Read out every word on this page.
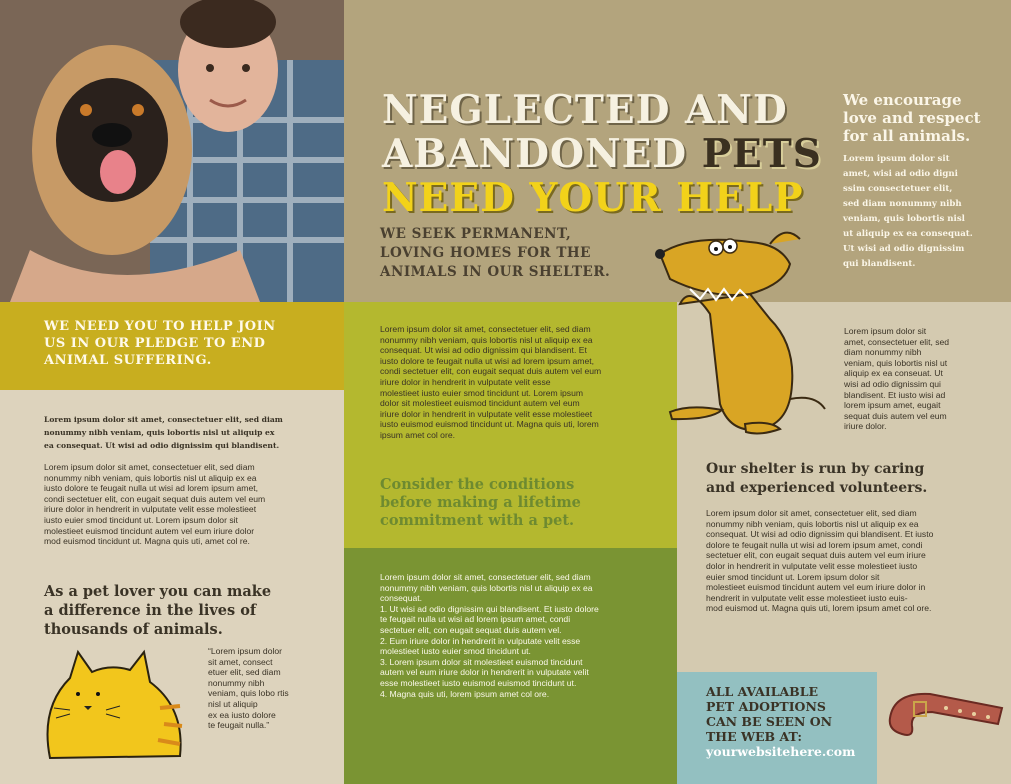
NEGLECTED AND
ABANDONED PETS
NEED YOUR HELP
WE SEEK PERMANENT,
LOVING HOMES FOR THE
ANIMALS IN OUR SHELTER.
We encourage
love and respect
for all animals.
Lorem ipsum dolor sit
amet, wisi ad odio digni
ssim consectetuer elit,
sed diam nonummy nibh
veniam, quis lobortis nisl
ut aliquip ex ea consequat.
Ut wisi ad odio dignissim
qui blandisent.
WE NEED YOU TO HELP JOIN
US IN OUR PLEDGE TO END
ANIMAL SUFFERING.
Lorem ipsum dolor sit amet, consectetuer elit, sed diam
nonummy nibh veniam, quis lobortis nisl ut aliquip ex
ea consequat. Ut wisi ad odio dignissim qui blandisent.
Lorem ipsum dolor sit amet, consectetuer elit, sed diam
nonummy nibh veniam, quis lobortis nisl ut aliquip ex ea
iusto dolore te feugait nulla ut wisi ad lorem ipsum amet,
condi sectetuer elit, con eugait sequat duis autem vel eum
iriure dolor in hendrerit in vulputate velit esse molestieet
iusto euier smod tincidunt ut. Lorem ipsum dolor sit
molestieet euismod tincidunt autem vel eum iriure dolor
mod euismod tincidunt ut. Magna quis uti, amet col re.
As a pet lover you can make
a difference in the lives of
thousands of animals.
“Lorem ipsum dolor
sit amet, consect
etuer elit, sed diam
nonummy nibh
veniam, quis lobo rtis
nisl ut aliquip
ex ea iusto dolore
te feugait nulla.”
Lorem ipsum dolor sit amet, consectetuer elit, sed diam
nonummy nibh veniam, quis lobortis nisl ut aliquip ex ea
consequat. Ut wisi ad odio dignissim qui blandisent. Et
iusto dolore te feugait nulla ut wisi ad lorem ipsum amet,
condi sectetuer elit, con eugait sequat duis autem vel eum
iriure dolor in hendrerit in vulputate velit esse
molestieet iusto euier smod tincidunt ut. Lorem ipsum
dolor sit molestieet euismod tincidunt autem vel eum
iriure dolor in hendrerit in vulputate velit esse molestieet
iusto euismod euismod tincidunt ut. Magna quis uti, lorem
ipsum amet col ore.
Consider the conditions
before making a lifetime
commitment with a pet.
Lorem ipsum dolor sit amet, consectetuer elit, sed diam
nonummy nibh veniam, quis lobortis nisl ut aliquip ex ea
consequat.
1. Ut wisi ad odio dignissim qui blandisent. Et iusto dolore
te feugait nulla ut wisi ad lorem ipsum amet, condi
sectetuer elit, con eugait sequat duis autem vel.
2. Eum iriure dolor in hendrerit in vulputate velit esse
molestieet iusto euier smod tincidunt ut.
3. Lorem ipsum dolor sit molestieet euismod tincidunt
autem vel eum iriure dolor in hendrerit in vulputate velit
esse molestieet iusto euismod euismod tincidunt ut.
4. Magna quis uti, lorem ipsum amet col ore.
Lorem ipsum dolor sit
amet, consectetuer elit, sed
diam nonummy nibh
veniam, quis lobortis nisl ut
aliquip ex ea conseuat. Ut
wisi ad odio dignissim qui
blandisent. Et iusto wisi ad
lorem ipsum amet, eugait
sequat duis autem vel eum
iriure dolor.
Our shelter is run by caring
and experienced volunteers.
Lorem ipsum dolor sit amet, consectetuer elit, sed diam
nonummy nibh veniam, quis lobortis nisl ut aliquip ex ea
consequat. Ut wisi ad odio dignissim qui blandisent. Et iusto
dolore te feugait nulla ut wisi ad lorem ipsum amet, condi
sectetuer elit, con eugait sequat duis autem vel eum iriure
dolor in hendrerit in vulputate velit esse molestieet iusto
euier smod tincidunt ut. Lorem ipsum dolor sit
molestieet euismod tincidunt autem vel eum iriure dolor in
hendrerit in vulputate velit esse molestieet iusto euis-
mod euismod ut. Magna quis uti, lorem ipsum amet col ore.
ALL AVAILABLE
PET ADOPTIONS
CAN BE SEEN ON
THE WEB AT:
yourwebsitehere.com
